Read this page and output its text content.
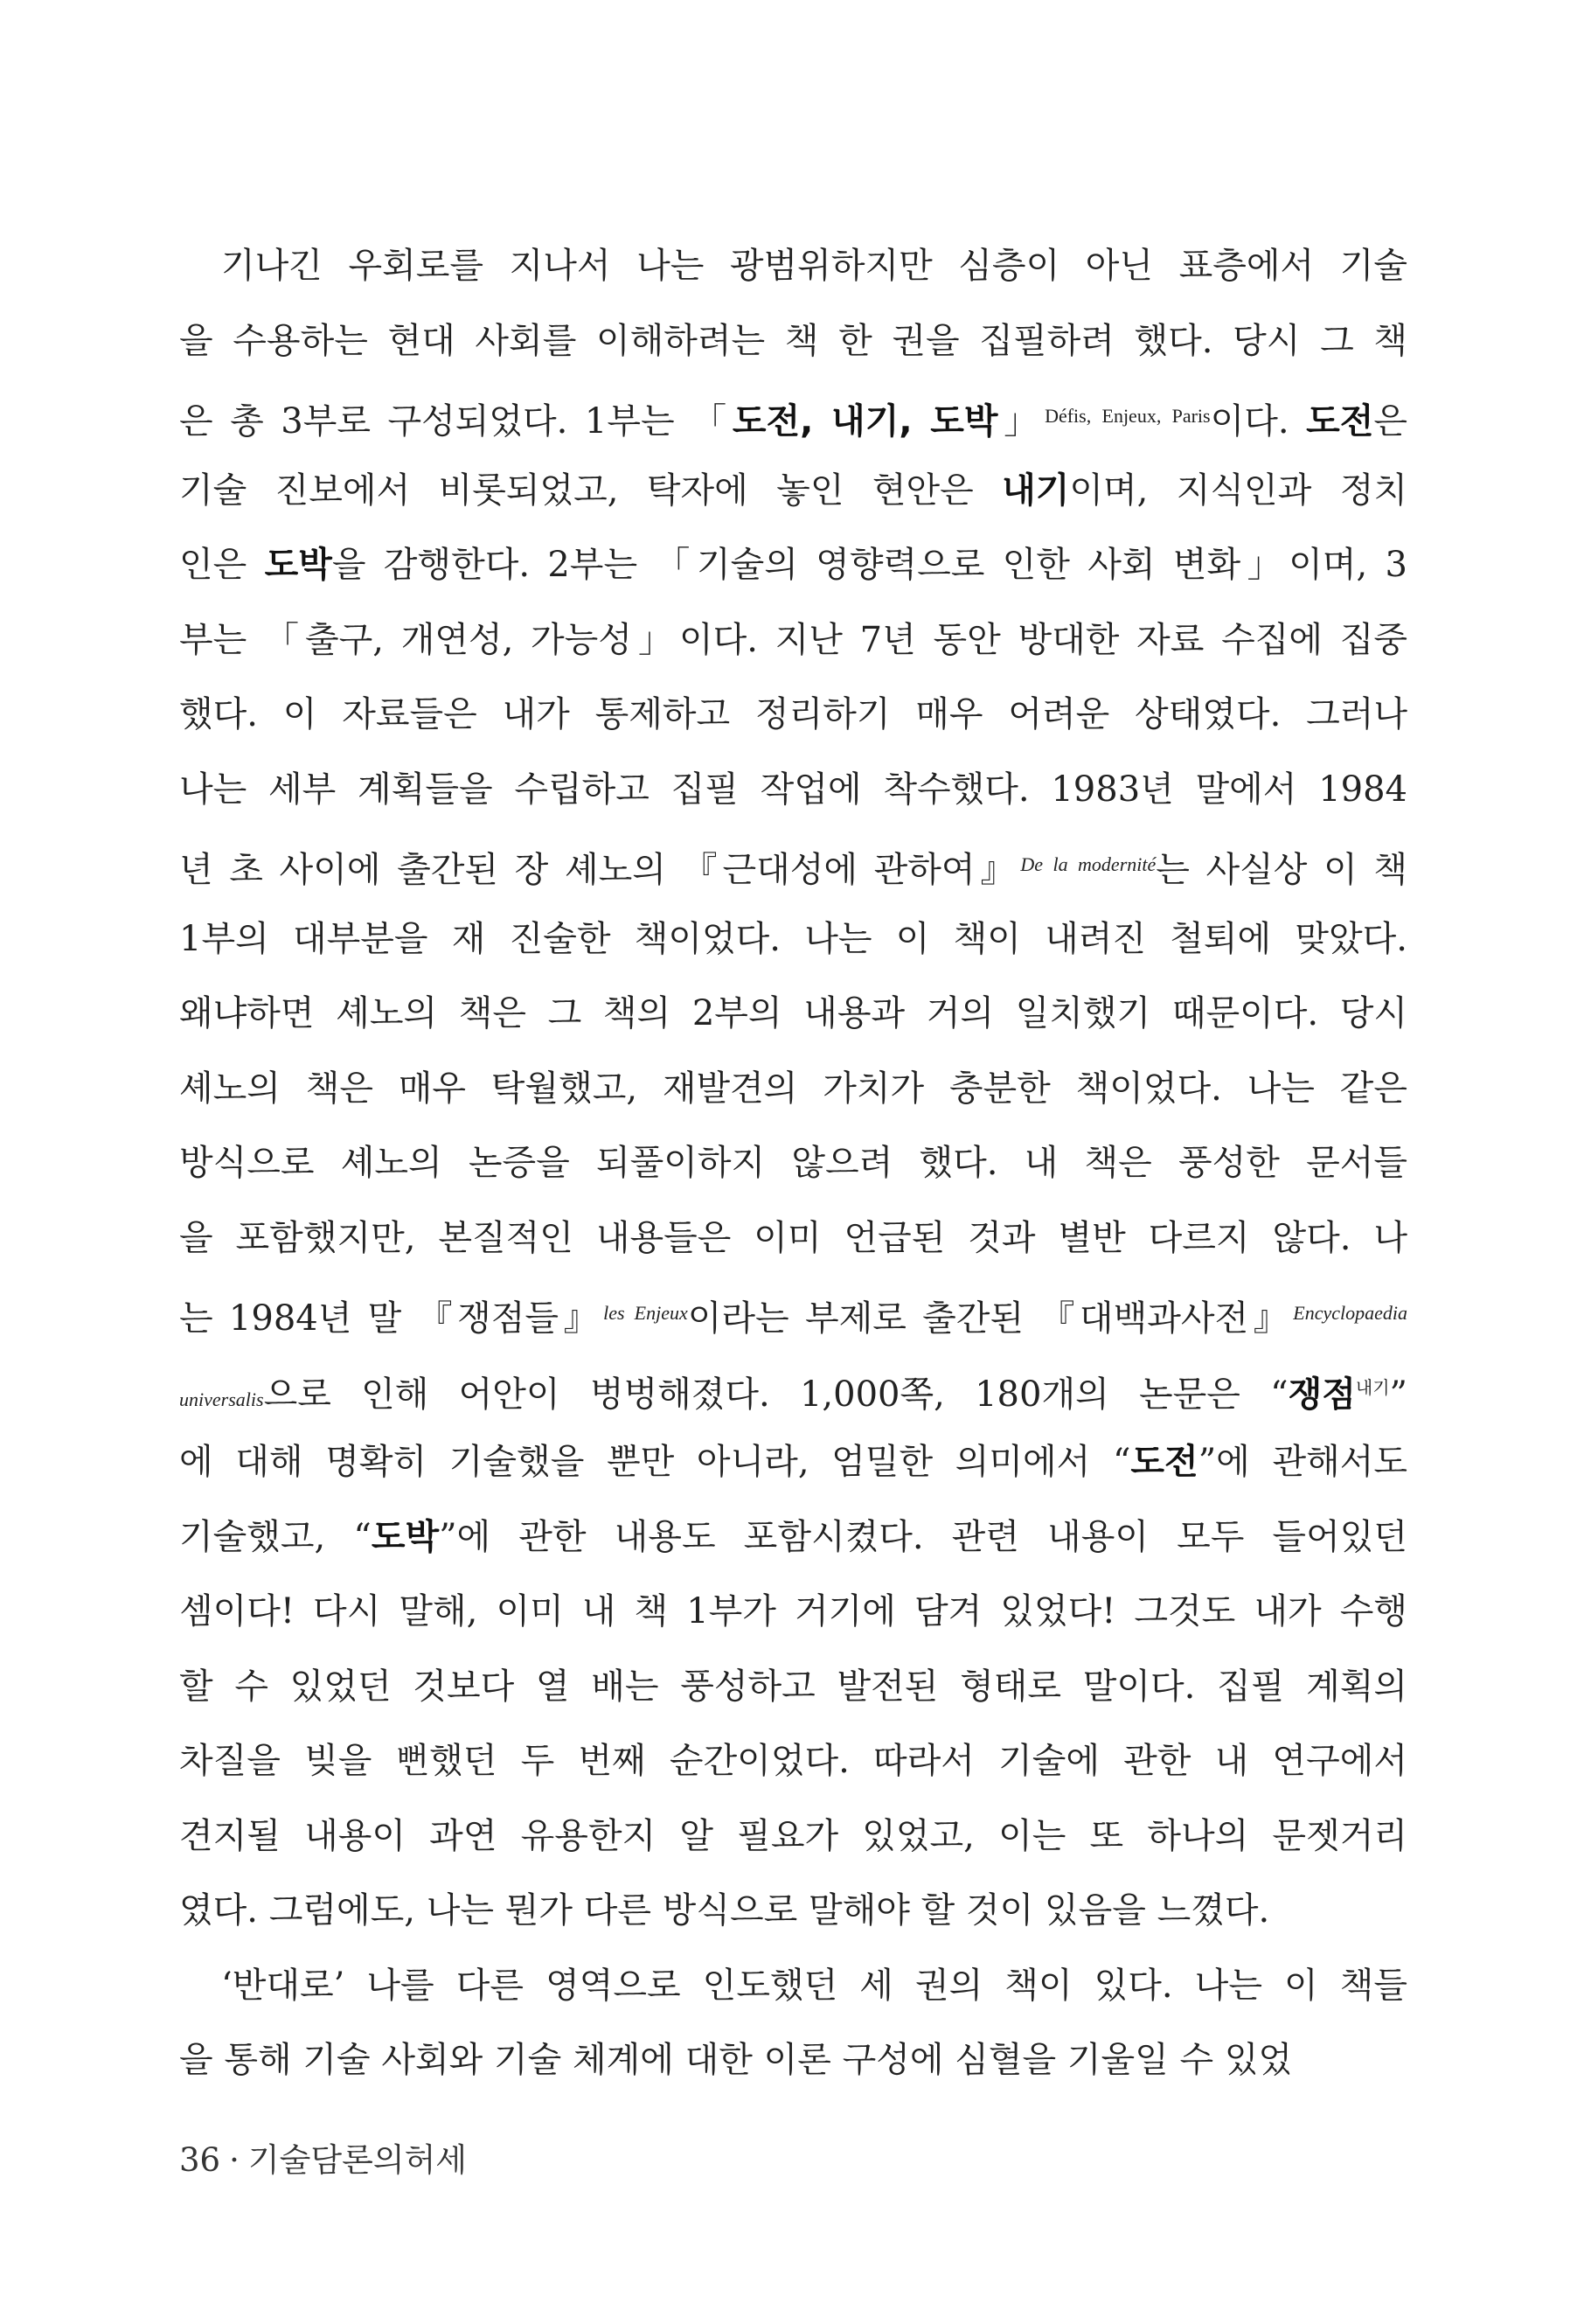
기나긴 우회로를 지나서 나는 광범위하지만 심층이 아닌 표층에서 기술
을 수용하는 현대 사회를 이해하려는 책 한 권을 집필하려 했다. 당시 그 책
은 총 3부로 구성되었다. 1부는 「도전, 내기, 도박」$^{Défis, Enjeux, Paris}$이다. 도전은
기술 진보에서 비롯되었고, 탁자에 놓인 현안은 내기이며, 지식인과 정치
인은 도박을 감행한다. 2부는 「기술의 영향력으로 인한 사회 변화」이며, 3
부는 「출구, 개연성, 가능성」이다. 지난 7년 동안 방대한 자료 수집에 집중
했다. 이 자료들은 내가 통제하고 정리하기 매우 어려운 상태였다. 그러나
나는 세부 계획들을 수립하고 집필 작업에 착수했다. 1983년 말에서 1984
년 초 사이에 출간된 장 셰노의 『근대성에 관하여』$^{De la modernité}$는 사실상 이 책
1부의 대부분을 재 진술한 책이었다. 나는 이 책이 내려진 철퇴에 맞았다.
왜냐하면 셰노의 책은 그 책의 2부의 내용과 거의 일치했기 때문이다. 당시
셰노의 책은 매우 탁월했고, 재발견의 가치가 충분한 책이었다. 나는 같은
방식으로 셰노의 논증을 되풀이하지 않으려 했다. 내 책은 풍성한 문서들
을 포함했지만, 본질적인 내용들은 이미 언급된 것과 별반 다르지 않다. 나
는 1984년 말 『쟁점들』$^{les Enjeux}$이라는 부제로 출간된 『대백과사전』$^{Encyclopaedia}$
universalis으로 인해 어안이 벙벙해졌다. 1,000쪽, 180개의 논문은 “쟁점$^{내기}$”
에 대해 명확히 기술했을 뿐만 아니라, 엄밀한 의미에서 “도전”에 관해서도
기술했고, “도박”에 관한 내용도 포함시켰다. 관련 내용이 모두 들어있던
셈이다! 다시 말해, 이미 내 책 1부가 거기에 담겨 있었다! 그것도 내가 수행
할 수 있었던 것보다 열 배는 풍성하고 발전된 형태로 말이다. 집필 계획의
차질을 빚을 뻔했던 두 번째 순간이었다. 따라서 기술에 관한 내 연구에서
견지될 내용이 과연 유용한지 알 필요가 있었고, 이는 또 하나의 문젯거리
였다. 그럼에도, 나는 뭔가 다른 방식으로 말해야 할 것이 있음을 느꼈다.
‘반대로’ 나를 다른 영역으로 인도했던 세 권의 책이 있다. 나는 이 책들
을 통해 기술 사회와 기술 체계에 대한 이론 구성에 심혈을 기울일 수 있었
36 · 기술담론의허세
